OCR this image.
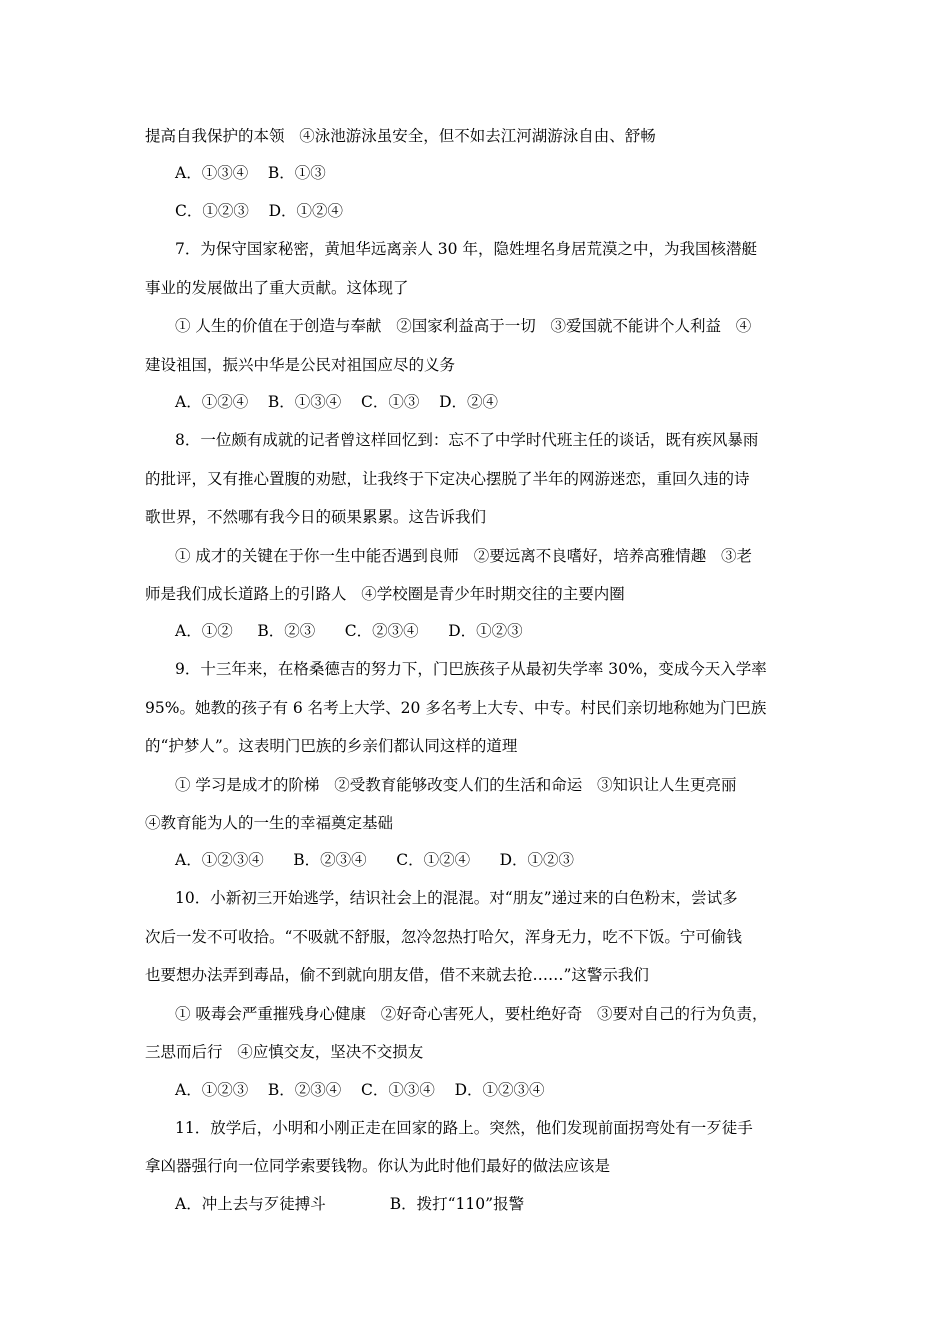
提高自我保护的本领   ④泳池游泳虽安全，但不如去江河湖游泳自由、舒畅
A．①③④    B．①③
C．①②③    D．①②④
7．为保守国家秘密，黄旭华远离亲人 30 年，隐姓埋名身居荒漠之中，为我国核潜艇
事业的发展做出了重大贡献。这体现了
① 人生的价值在于创造与奉献   ②国家利益高于一切   ③爱国就不能讲个人利益   ④
建设祖国，振兴中华是公民对祖国应尽的义务
A．①②④    B．①③④    C．①③    D．②④
8．一位颇有成就的记者曾这样回忆到：忘不了中学时代班主任的谈话，既有疾风暴雨
的批评，又有推心置腹的劝慰，让我终于下定决心摆脱了半年的网游迷恋，重回久违的诗
歌世界，不然哪有我今日的硕果累累。这告诉我们
① 成才的关键在于你一生中能否遇到良师   ②要远离不良嗜好，培养高雅情趣   ③老
师是我们成长道路上的引路人   ④学校圈是青少年时期交往的主要内圈
A．①②     B．②③      C．②③④      D．①②③
9．十三年来，在格桑德吉的努力下，门巴族孩子从最初失学率 30%，变成今天入学率
95%。她教的孩子有 6 名考上大学、20 多名考上大专、中专。村民们亲切地称她为门巴族
的“护梦人”。这表明门巴族的乡亲们都认同这样的道理
① 学习是成才的阶梯   ②受教育能够改变人们的生活和命运   ③知识让人生更亮丽
④教育能为人的一生的幸福奠定基础
A．①②③④      B．②③④      C．①②④      D．①②③
10．小新初三开始逃学，结识社会上的混混。对“朋友”递过来的白色粉末，尝试多
次后一发不可收拾。“不吸就不舒服，忽冷忽热打哈欠，浑身无力，吃不下饭。宁可偷钱
也要想办法弄到毒品，偷不到就向朋友借，借不来就去抢……”这警示我们
① 吸毒会严重摧残身心健康   ②好奇心害死人，要杜绝好奇   ③要对自己的行为负责，
三思而后行   ④应慎交友，坚决不交损友
A．①②③    B．②③④    C．①③④    D．①②③④
11．放学后，小明和小刚正走在回家的路上。突然，他们发现前面拐弯处有一歹徒手
拿凶器强行向一位同学索要钱物。你认为此时他们最好的做法应该是
A．冲上去与歹徒搏斗             B．拨打“110”报警
